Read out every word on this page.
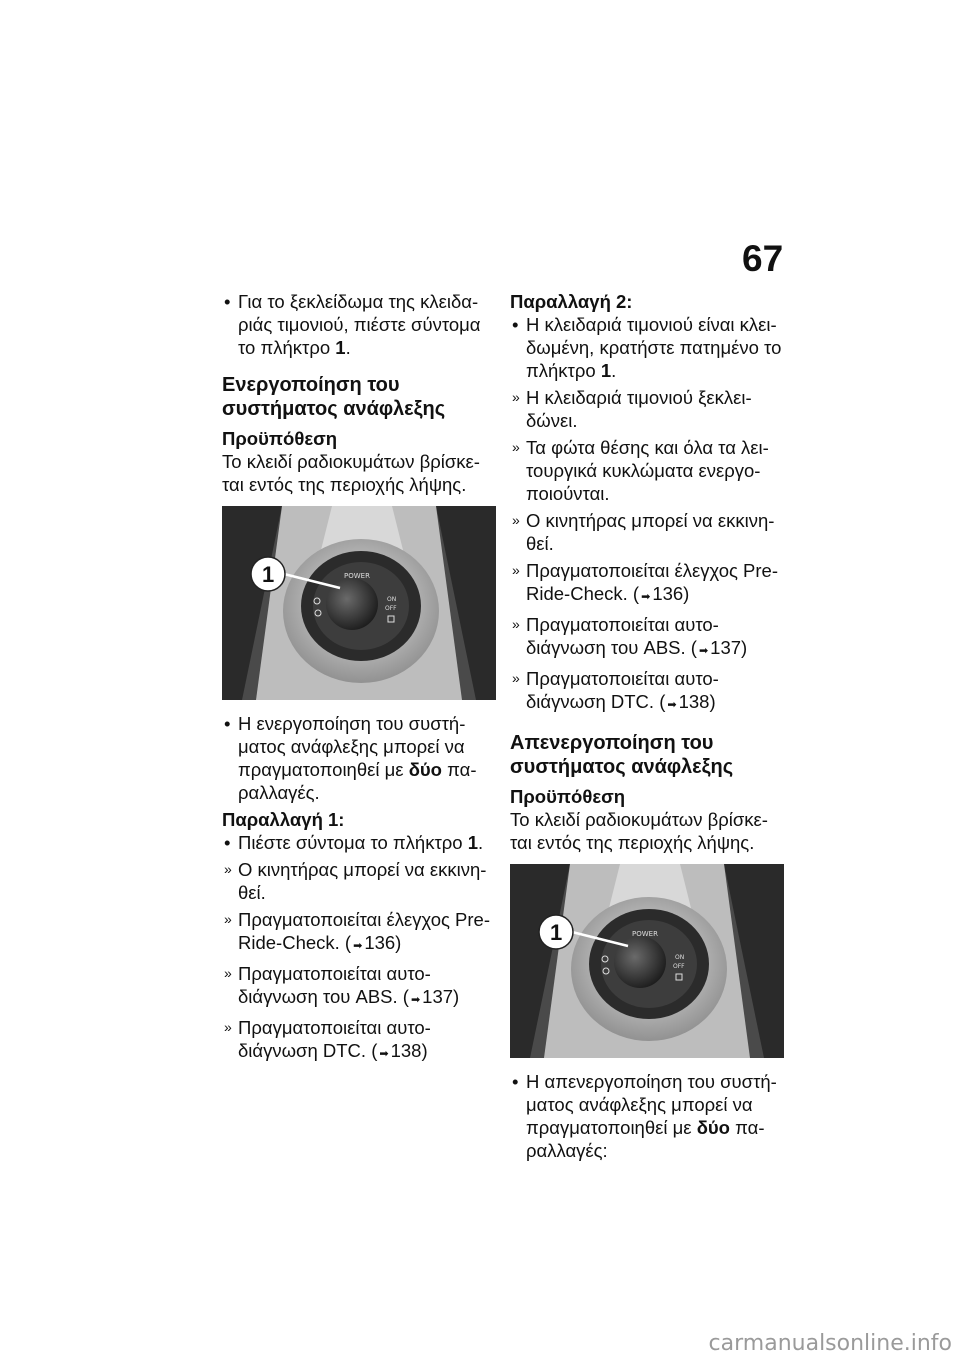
67

• Για το ξεκλείδωμα της κλειδα-ριάς τιμονιού, πιέστε σύντομα το πλήκτρο 1.

Ενεργοποίηση του συστήματος ανάφλεξης
Προϋπόθεση

Το κλειδί ραδιοκυμάτων βρίσκε-ται εντός της περιοχής λήψης.

POWER
ON
OFF
1

• Η ενεργοποίηση του συστή-ματος ανάφλεξης μπορεί να πραγματοποιηθεί με δύο πα-ραλλαγές.

Παραλλαγή 1:

• Πιέστε σύντομα το πλήκτρο 1.

» Ο κινητήρας μπορεί να εκκινη-θεί.

» Πραγματοποιείται έλεγχος Pre-Ride-Check. ( ➡ 136)

» Πραγματοποιείται αυτο-διάγνωση του ABS. ( ➡ 137)

» Πραγματοποιείται αυτο-διάγνωση DTC. ( ➡ 138)

Παραλλαγή 2:

• Η κλειδαριά τιμονιού είναι κλει-δωμένη, κρατήστε πατημένο το πλήκτρο 1.

» Η κλειδαριά τιμονιού ξεκλει-δώνει.

» Τα φώτα θέσης και όλα τα λει-τουργικά κυκλώματα ενεργο-ποιούνται.

» Ο κινητήρας μπορεί να εκκινη-θεί.

» Πραγματοποιείται έλεγχος Pre-Ride-Check. ( ➡ 136)

» Πραγματοποιείται αυτο-διάγνωση του ABS. ( ➡ 137)

» Πραγματοποιείται αυτο-διάγνωση DTC. ( ➡ 138)

Απενεργοποίηση του συστήματος ανάφλεξης
Προϋπόθεση

Το κλειδί ραδιοκυμάτων βρίσκε-ται εντός της περιοχής λήψης.

POWER
ON
OFF
1

• Η απενεργοποίηση του συστή-ματος ανάφλεξης μπορεί να πραγματοποιηθεί με δύο πα-ραλλαγές:

carmanualsonline.info
